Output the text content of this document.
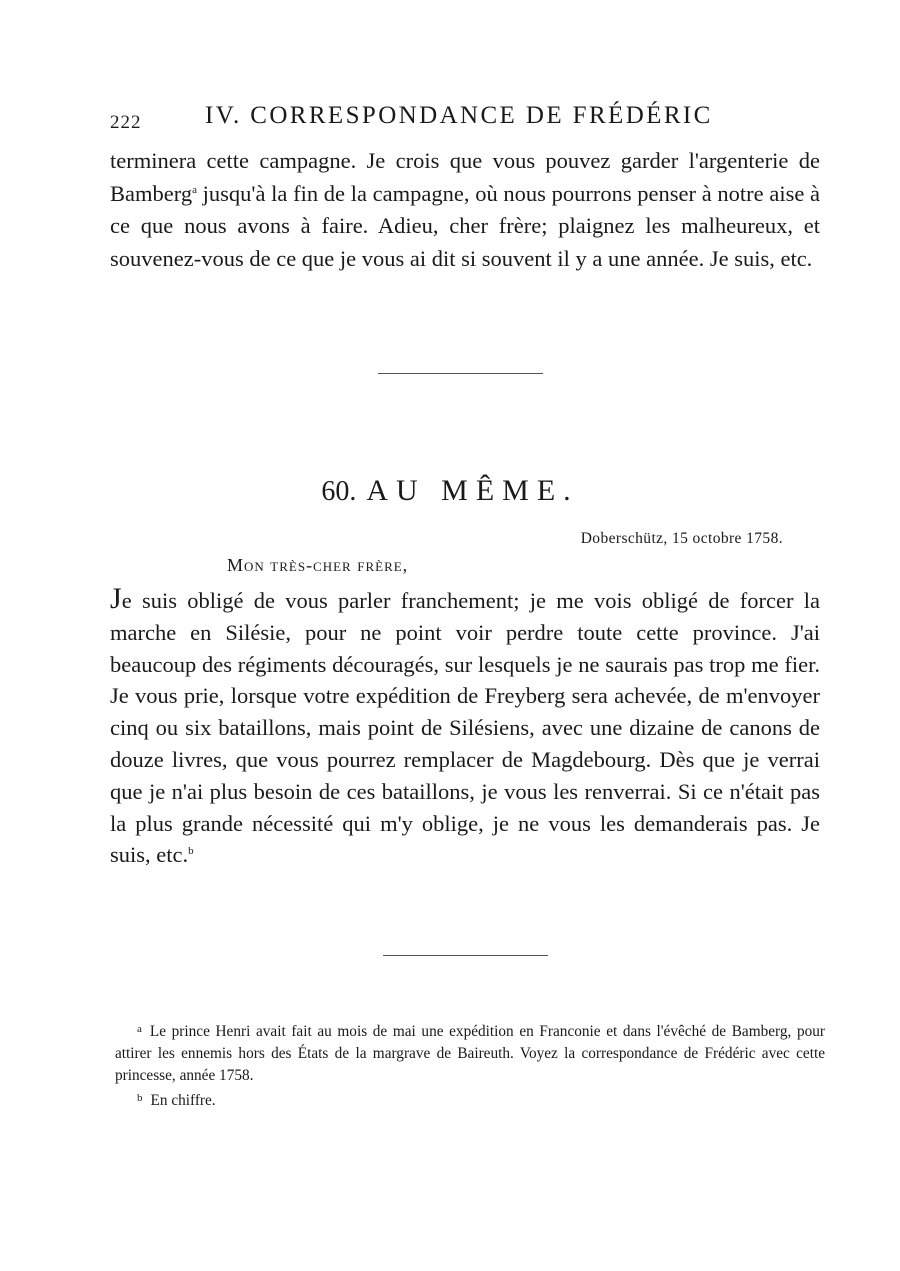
222	IV. CORRESPONDANCE DE FRÉDÉRIC

terminera cette campagne. Je crois que vous pouvez garder l'argenterie de Bamberg$^a$ jusqu'à la fin de la campagne, où nous pourrons penser à notre aise à ce que nous avons à faire. Adieu, cher frère; plaignez les malheureux, et souvenez-vous de ce que je vous ai dit si souvent il y a une année. Je suis, etc.

60. AU MÊME.
Doberschütz, 15 octobre 1758.
Mon très-cher frère,

Je suis obligé de vous parler franchement; je me vois obligé de forcer la marche en Silésie, pour ne point voir perdre toute cette province. J'ai beaucoup des régiments découragés, sur lesquels je ne saurais pas trop me fier. Je vous prie, lorsque votre expédition de Freyberg sera achevée, de m'envoyer cinq ou six bataillons, mais point de Silésiens, avec une dizaine de canons de douze livres, que vous pourrez remplacer de Magdebourg. Dès que je verrai que je n'ai plus besoin de ces bataillons, je vous les renverrai. Si ce n'était pas la plus grande nécessité qui m'y oblige, je ne vous les demanderais pas. Je suis, etc.$^b$

$^a$ Le prince Henri avait fait au mois de mai une expédition en Franconie et dans l'évêché de Bamberg, pour attirer les ennemis hors des États de la margrave de Baireuth. Voyez la correspondance de Frédéric avec cette princesse, année 1758.

$^b$ En chiffre.
